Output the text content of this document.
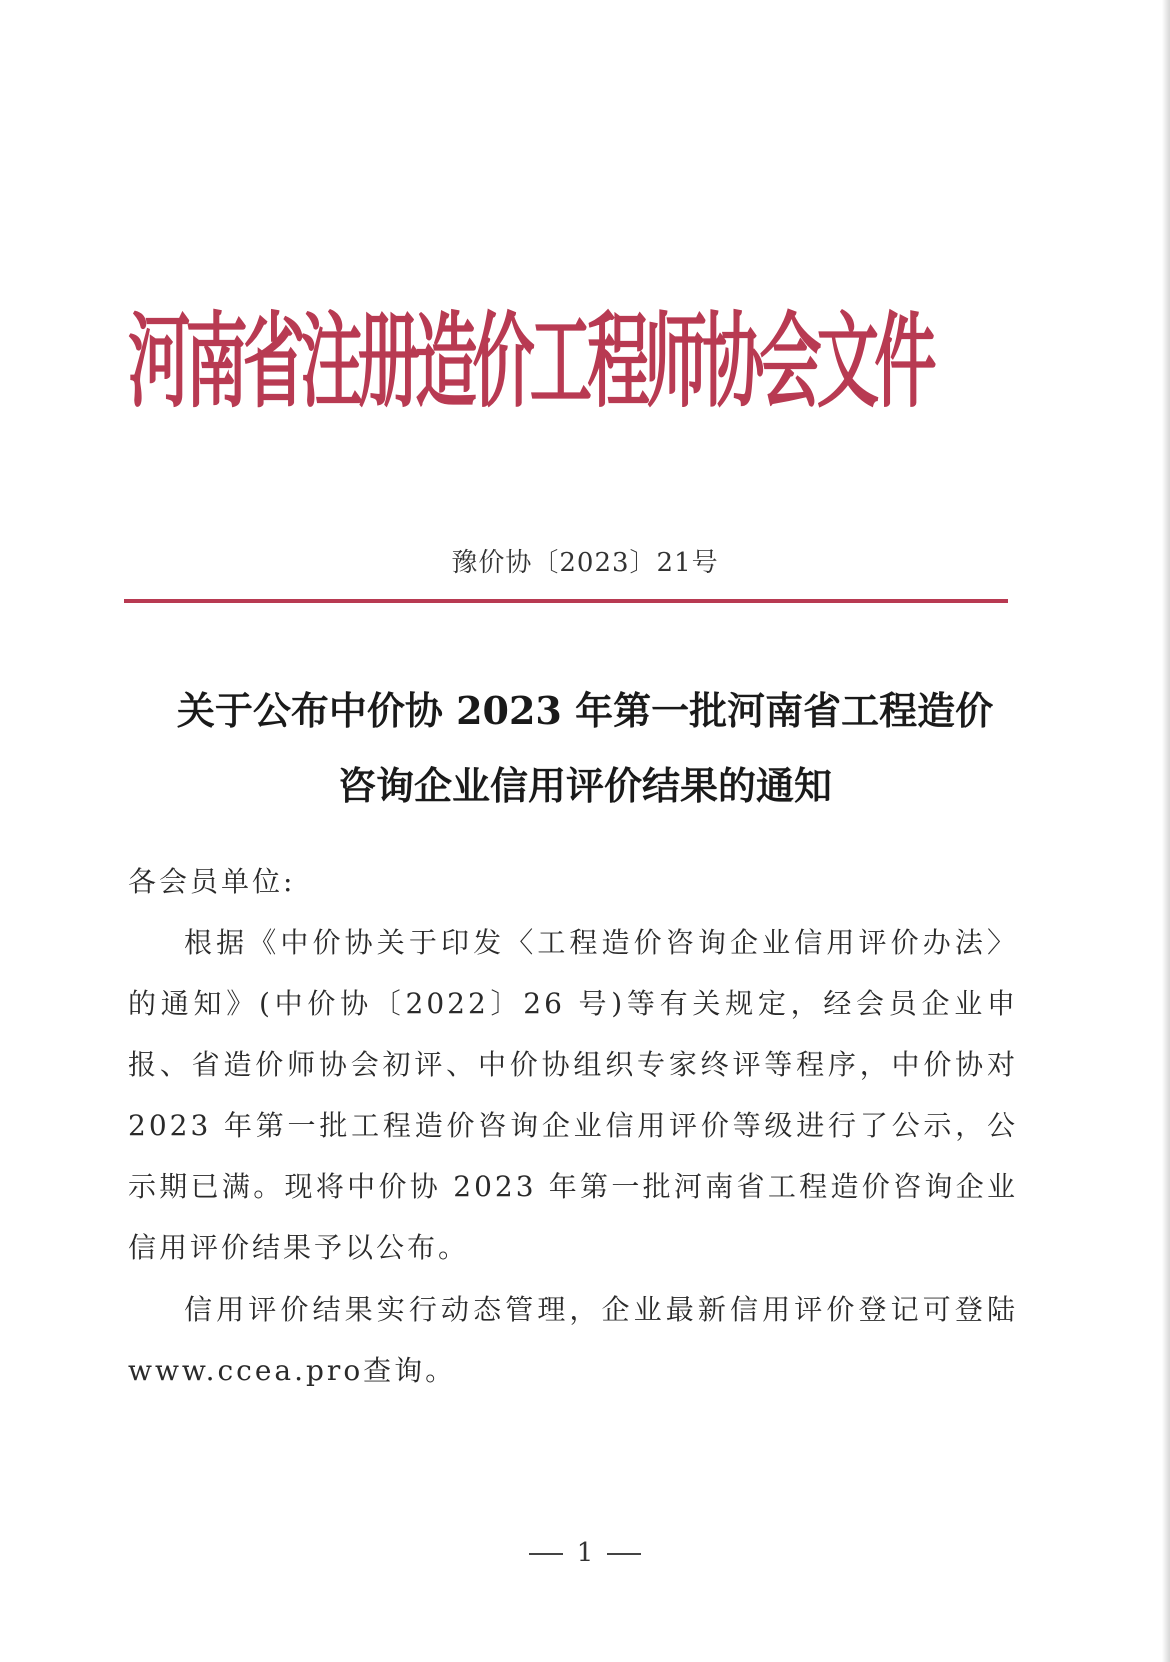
河南省注册造价工程师协会文件
豫价协〔2023〕21号
关于公布中价协 2023 年第一批河南省工程造价
咨询企业信用评价结果的通知
各会员单位:

根据《中价协关于印发〈工程造价咨询企业信用评价办法〉的通知》(中价协〔2022〕26 号)等有关规定，经会员企业申报、省造价师协会初评、中价协组织专家终评等程序，中价协对 2023 年第一批工程造价咨询企业信用评价等级进行了公示，公示期已满。现将中价协 2023 年第一批河南省工程造价咨询企业信用评价结果予以公布。

信用评价结果实行动态管理，企业最新信用评价登记可登陆www.ccea.pro查询。

1
